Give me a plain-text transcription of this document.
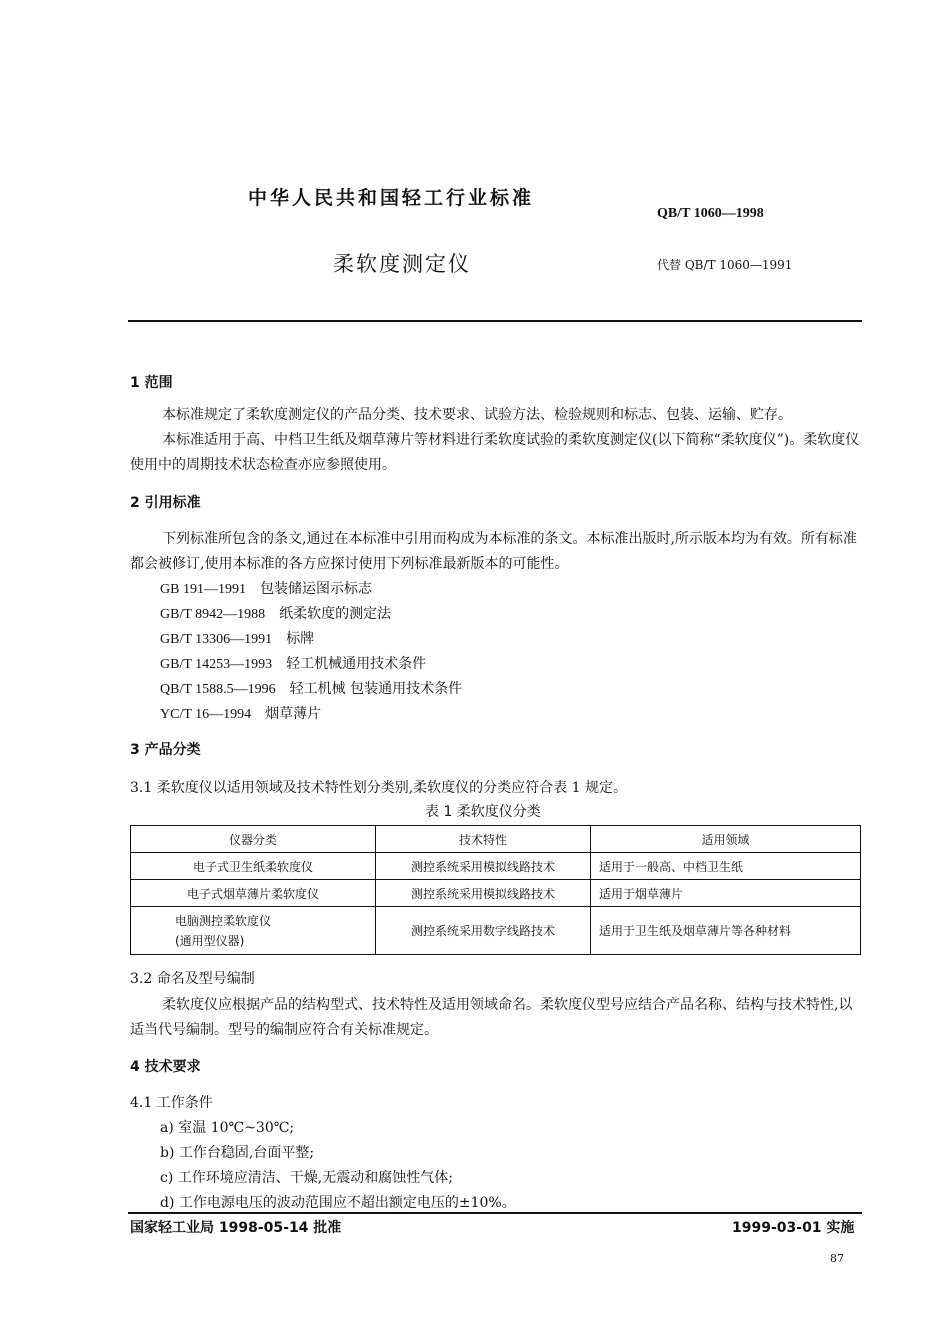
中华人民共和国轻工行业标准
QB/T 1060—1998
柔软度测定仪	代替 QB/T 1060—1991
1 范围
本标准规定了柔软度测定仪的产品分类、技术要求、试验方法、检验规则和标志、包装、运输、贮存。
本标准适用于高、中档卫生纸及烟草薄片等材料进行柔软度试验的柔软度测定仪(以下简称“柔软度仪”)。柔软度仪使用中的周期技术状态检查亦应参照使用。
2 引用标准
下列标准所包含的条文,通过在本标准中引用而构成为本标准的条文。本标准出版时,所示版本均为有效。所有标准都会被修订,使用本标准的各方应探讨使用下列标准最新版本的可能性。
GB 191—1991 包装储运图示标志
GB/T 8942—1988 纸柔软度的测定法
GB/T 13306—1991 标牌
GB/T 14253—1993 轻工机械通用技术条件
QB/T 1588.5—1996 轻工机械 包装通用技术条件
YC/T 16—1994 烟草薄片
3 产品分类
3.1 柔软度仪以适用领域及技术特性划分类别,柔软度仪的分类应符合表 1 规定。
表 1 柔软度仪分类
仪器分类	技术特性	适用领域
电子式卫生纸柔软度仪	测控系统采用模拟线路技术	适用于一般高、中档卫生纸
电子式烟草薄片柔软度仪	测控系统采用模拟线路技术	适用于烟草薄片

电脑测控柔软度仪
(通用型仪器)	测控系统采用数字线路技术	适用于卫生纸及烟草薄片等各种材料
3.2 命名及型号编制
柔软度仪应根据产品的结构型式、技术特性及适用领域命名。柔软度仪型号应结合产品名称、结构与技术特性,以适当代号编制。型号的编制应符合有关标准规定。
4 技术要求
4.1 工作条件
a) 室温 10℃~30℃;
b) 工作台稳固,台面平整;
c) 工作环境应清洁、干燥,无震动和腐蚀性气体;
d) 工作电源电压的波动范围应不超出额定电压的±10%。
国家轻工业局 1998-05-14 批准	1999-03-01 实施
87
